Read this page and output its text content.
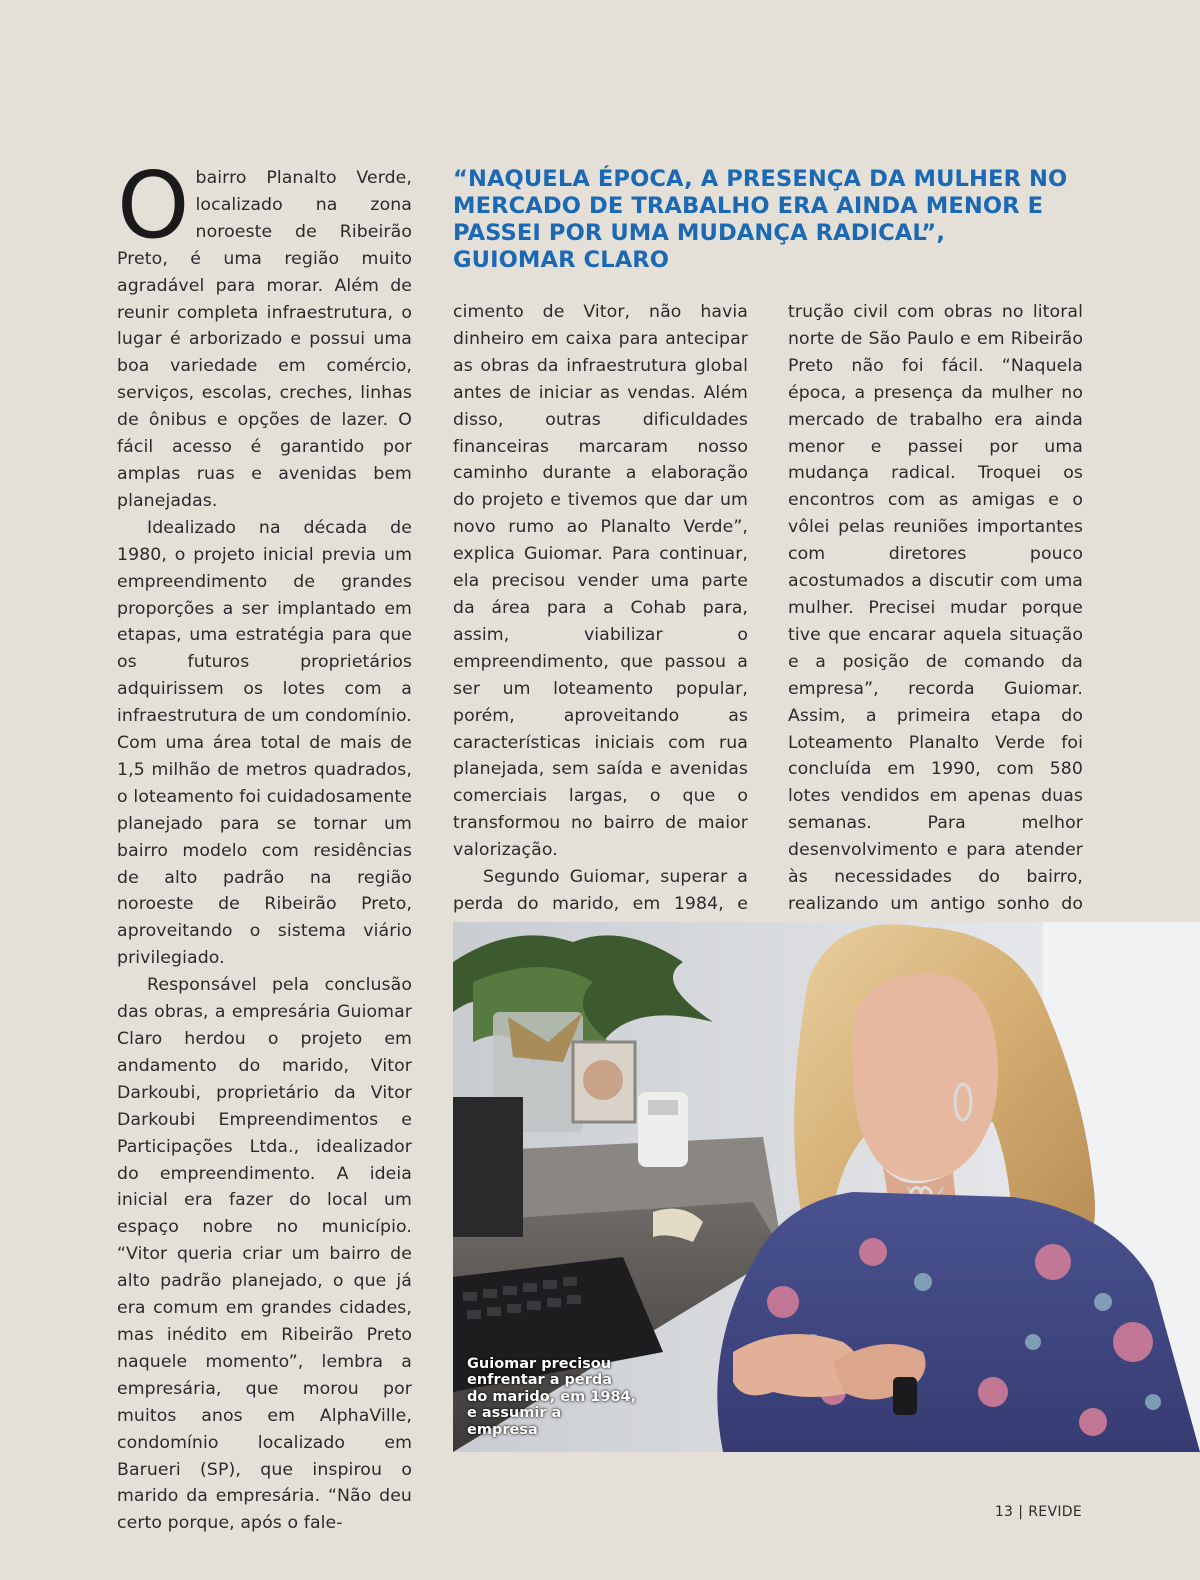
O bairro Planalto Verde, localizado na zona noroeste de Ribeirão Preto, é uma região muito agradável para morar. Além de reunir completa infraestrutura, o lugar é arborizado e possui uma boa variedade em comércio, serviços, escolas, creches, linhas de ônibus e opções de lazer. O fácil acesso é garantido por amplas ruas e avenidas bem planejadas.

Idealizado na década de 1980, o projeto inicial previa um empreendimento de grandes proporções a ser implantado em etapas, uma estratégia para que os futuros proprietários adquirissem os lotes com a infraestrutura de um condomínio. Com uma área total de mais de 1,5 milhão de metros quadrados, o loteamento foi cuidadosamente planejado para se tornar um bairro modelo com residências de alto padrão na região noroeste de Ribeirão Preto, aproveitando o sistema viário privilegiado.

Responsável pela conclusão das obras, a empresária Guiomar Claro herdou o projeto em andamento do marido, Vitor Darkoubi, proprietário da Vitor Darkoubi Empreendimentos e Participações Ltda., idealizador do empreendimento. A ideia inicial era fazer do local um espaço nobre no município. “Vitor queria criar um bairro de alto padrão planejado, o que já era comum em grandes cidades, mas inédito em Ribeirão Preto naquele momento”, lembra a empresária, que morou por muitos anos em AlphaVille, condomínio localizado em Barueri (SP), que inspirou o marido da empresária. “Não deu certo porque, após o fale-

“NAQUELA ÉPOCA, A PRESENÇA DA MULHER NO MERCADO DE TRABALHO ERA AINDA MENOR E PASSEI POR UMA MUDANÇA RADICAL”, GUIOMAR CLARO

cimento de Vitor, não havia dinheiro em caixa para antecipar as obras da infraestrutura global antes de iniciar as vendas. Além disso, outras dificuldades financeiras marcaram nosso caminho durante a elaboração do projeto e tivemos que dar um novo rumo ao Planalto Verde”, explica Guiomar. Para continuar, ela precisou vender uma parte da área para a Cohab para, assim, viabilizar o empreendimento, que passou a ser um loteamento popular, porém, aproveitando as características iniciais com rua planejada, sem saída e avenidas comerciais largas, o que o transformou no bairro de maior valorização.

Segundo Guiomar, superar a perda do marido, em 1984, e

trução civil com obras no litoral norte de São Paulo e em Ribeirão Preto não foi fácil. “Naquela época, a presença da mulher no mercado de trabalho era ainda menor e passei por uma mudança radical. Troquei os encontros com as amigas e o vôlei pelas reuniões importantes com diretores pouco acostumados a discutir com uma mulher. Precisei mudar porque tive que encarar aquela situação e a posição de comando da empresa”, recorda Guiomar. Assim, a primeira etapa do Loteamento Planalto Verde foi concluída em 1990, com 580 lotes vendidos em apenas duas semanas. Para melhor desenvolvimento e para atender às necessidades do bairro, realizando um antigo sonho do

Guiomar precisou enfrentar a perda do marido, em 1984, e assumir a empresa
13 | REVIDE
